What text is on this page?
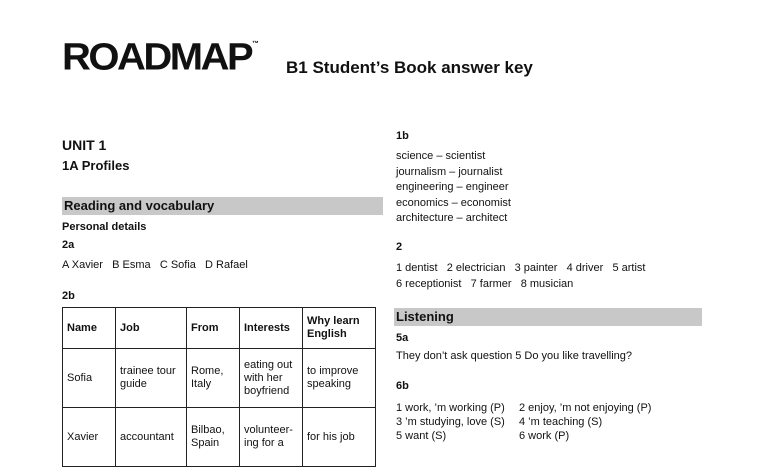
ROADMAP™
B1 Student’s Book answer key
UNIT 1
1A Profiles
Reading and vocabulary
Personal details
2a
A Xavier   B Esma   C Sofia   D Rafael
2b
Name	Job	From	Interests	Why learn English
Sofia	trainee tour guide	Rome, Italy	eating out with her boyfriend	to improve speaking
Xavier	accountant	Bilbao, Spain	volunteer-ing for a	for his job
1b
science – scientist
journalism – journalist
engineering – engineer
economics – economist
architecture – architect
2
1 dentist   2 electrician   3 painter   4 driver   5 artist
6 receptionist   7 farmer   8 musician
Listening
5a
They don’t ask question 5 Do you like travelling?
6b
1 work, ’m working (P)
3 ’m studying, love (S)
5 want (S)
2 enjoy, ’m not enjoying (P)
4 ’m teaching (S)
6 work (P)
